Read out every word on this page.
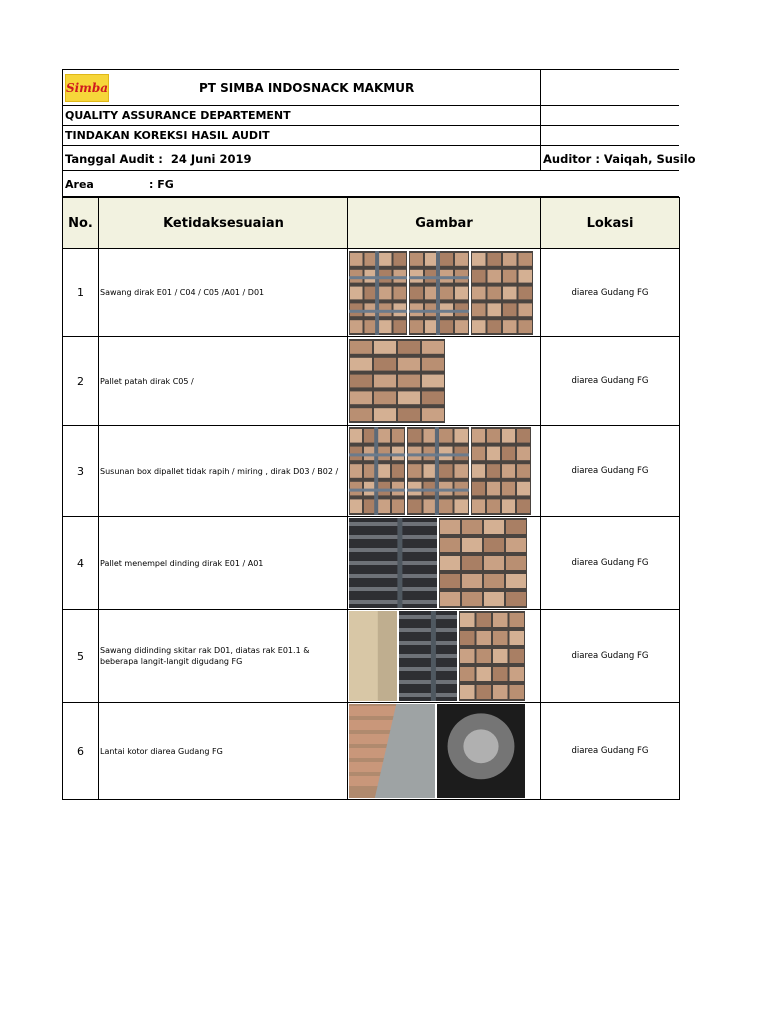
Simba	PT SIMBA INDOSNACK MAKMUR
QUALITY ASSURANCE DEPARTEMENT
TINDAKAN KOREKSI HASIL AUDIT
Tanggal Audit : 24 Juni 2019	Auditor : Vaiqah, Susilo
Area	: FG
No.	Ketidaksesuaian	Gambar	Lokasi
1	Sawang dirak E01 / C04 / C05 /A01 / D01		diarea Gudang FG
2	Pallet patah dirak C05 /		diarea Gudang FG
3	Susunan box dipallet tidak rapih / miring , dirak D03 / B02 /		diarea Gudang FG
4	Pallet menempel dinding dirak E01 / A01		diarea Gudang FG
5	Sawang didinding skitar rak D01, diatas rak E01.1 & beberapa langit-langit digudang FG		diarea Gudang FG
6	Lantai kotor diarea Gudang FG		diarea Gudang FG
